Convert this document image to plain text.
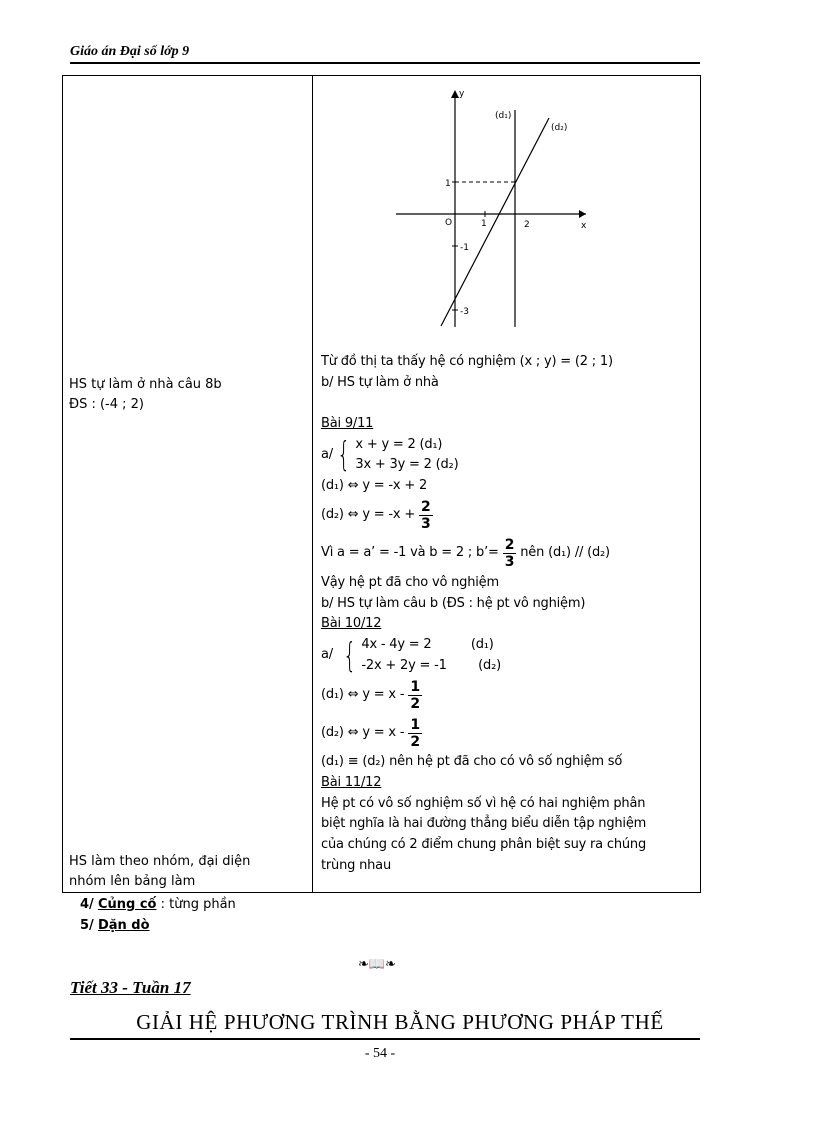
Giáo án Đại số lớp 9
HS tự làm ở nhà câu 8b
ĐS : (-4 ; 2)
HS làm theo nhóm, đại diện
nhóm lên bảng làm

y
x
(d₁)
(d₂)
O	1	2
1
-1
-3
Từ đồ thị ta thấy hệ có nghiệm (x ; y) = (2 ; 1)
b/ HS tự làm ở nhà
Bài 9/11
a/ { x + y = 2 (d₁)
3x + 3y = 2 (d₂)
(d₁) ⇔ y = -x + 2
(d₂) ⇔ $y = -x + \frac{2}{3}$
Vì a = a’ = -1 và b = 2 ; b’= $\frac{2}{3}$ nên (d₁) // (d₂)
Vậy hệ pt đã cho vô nghiệm
b/ HS tự làm câu b (ĐS : hệ pt vô nghiệm)
Bài 10/12
a/ { 4x - 4y = 2          (d₁)
-2x + 2y = -1        (d₂)
(d₁) ⇔ $y = x - \frac{1}{2}$
(d₂) ⇔ $y = x - \frac{1}{2}$
(d₁) ≡ (d₂) nên hệ pt đã cho có vô số nghiệm số
Bài 11/12
Hệ pt có vô số nghiệm số vì hệ có hai nghiệm phân
biệt nghĩa là hai đường thẳng biểu diễn tập nghiệm
của chúng có 2 điểm chung phân biệt suy ra chúng
trùng nhau
4/ Củng cố : từng phần
5/ Dặn dò
❧📖❧
Tiết 33 - Tuần 17
GIẢI HỆ PHƯƠNG TRÌNH BẰNG PHƯƠNG PHÁP THẾ
- 54 -
